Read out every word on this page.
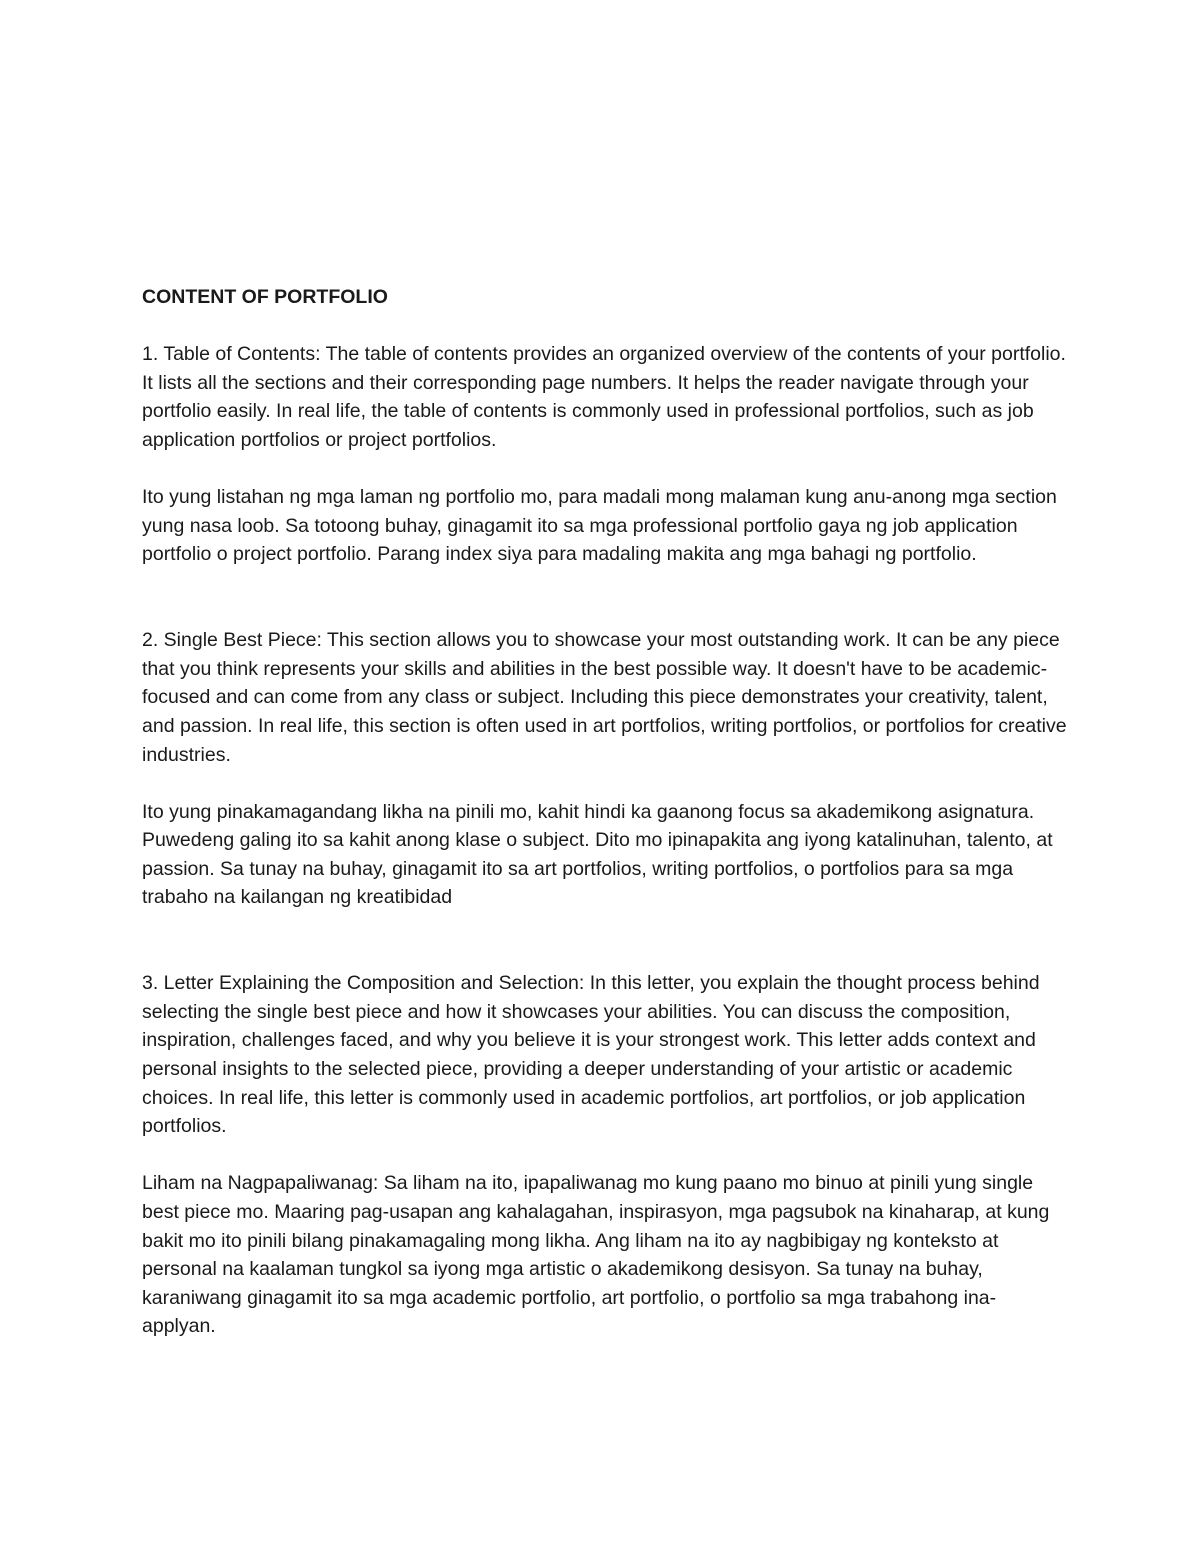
CONTENT OF PORTFOLIO

1. Table of Contents: The table of contents provides an organized overview of the contents of your portfolio. It lists all the sections and their corresponding page numbers. It helps the reader navigate through your portfolio easily. In real life, the table of contents is commonly used in professional portfolios, such as job application portfolios or project portfolios.

Ito yung listahan ng mga laman ng portfolio mo, para madali mong malaman kung anu-anong mga section yung nasa loob. Sa totoong buhay, ginagamit ito sa mga professional portfolio gaya ng job application portfolio o project portfolio. Parang index siya para madaling makita ang mga bahagi ng portfolio.

2. Single Best Piece: This section allows you to showcase your most outstanding work. It can be any piece that you think represents your skills and abilities in the best possible way. It doesn't have to be academic-focused and can come from any class or subject. Including this piece demonstrates your creativity, talent, and passion. In real life, this section is often used in art portfolios, writing portfolios, or portfolios for creative industries.

Ito yung pinakamagandang likha na pinili mo, kahit hindi ka gaanong focus sa akademikong asignatura. Puwedeng galing ito sa kahit anong klase o subject. Dito mo ipinapakita ang iyong katalinuhan, talento, at passion. Sa tunay na buhay, ginagamit ito sa art portfolios, writing portfolios, o portfolios para sa mga trabaho na kailangan ng kreatibidad

3. Letter Explaining the Composition and Selection: In this letter, you explain the thought process behind selecting the single best piece and how it showcases your abilities. You can discuss the composition, inspiration, challenges faced, and why you believe it is your strongest work. This letter adds context and personal insights to the selected piece, providing a deeper understanding of your artistic or academic choices. In real life, this letter is commonly used in academic portfolios, art portfolios, or job application portfolios.

Liham na Nagpapaliwanag: Sa liham na ito, ipapaliwanag mo kung paano mo binuo at pinili yung single best piece mo. Maaring pag-usapan ang kahalagahan, inspirasyon, mga pagsubok na kinaharap, at kung bakit mo ito pinili bilang pinakamagaling mong likha. Ang liham na ito ay nagbibigay ng konteksto at personal na kaalaman tungkol sa iyong mga artistic o akademikong desisyon. Sa tunay na buhay, karaniwang ginagamit ito sa mga academic portfolio, art portfolio, o portfolio sa mga trabahong ina-applyan.
